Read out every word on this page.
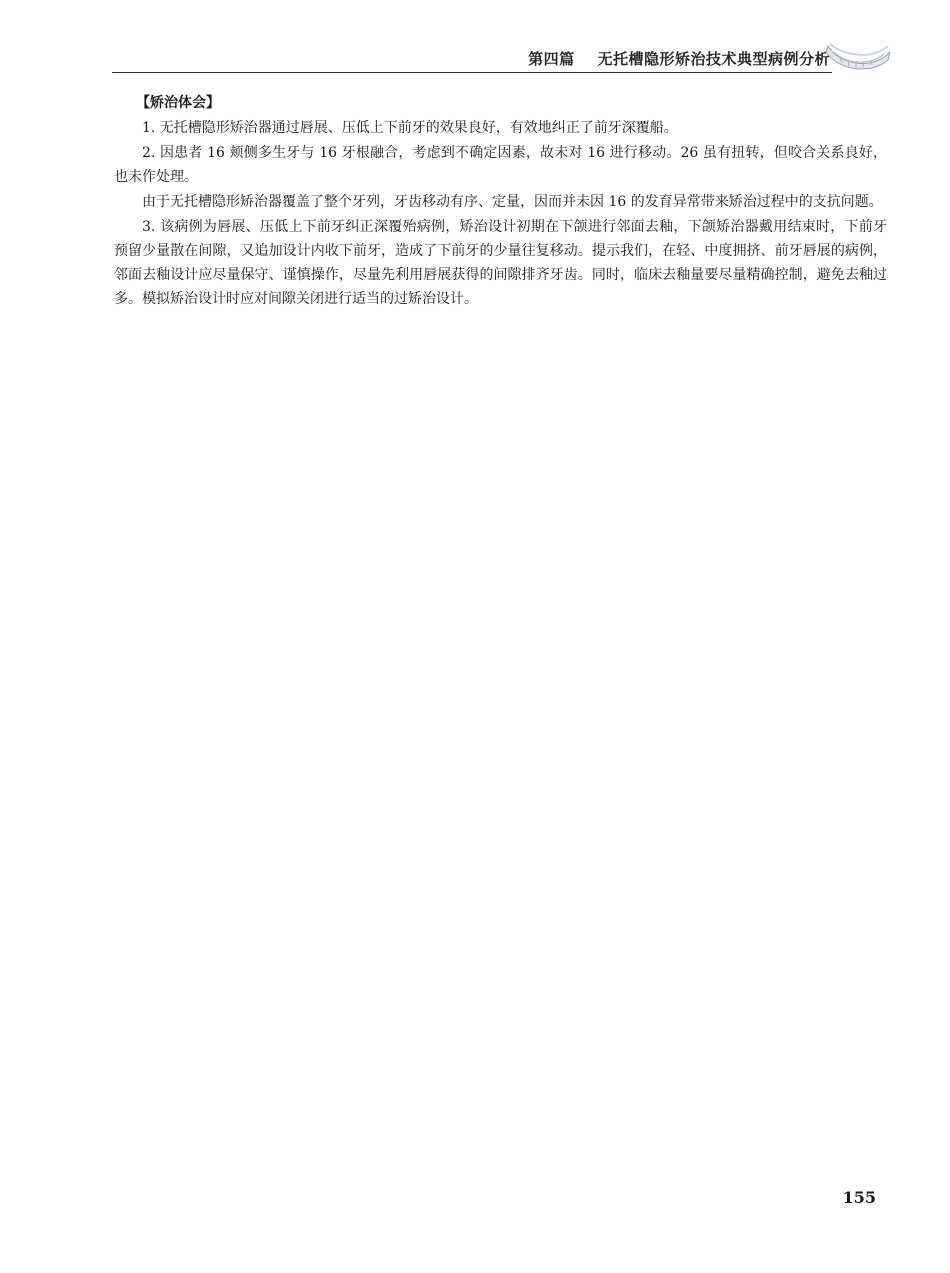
第四篇    无托槽隐形矫治技术典型病例分析
【矫治体会】

1. 无托槽隐形矫治器通过唇展、压低上下前牙的效果良好，有效地纠正了前牙深覆船。

2. 因患者 16 颊侧多生牙与 16 牙根融合，考虑到不确定因素，故未对 16 进行移动。26 虽有扭转，但咬合关系良好，也未作处理。

由于无托槽隐形矫治器覆盖了整个牙列，牙齿移动有序、定量，因而并未因 16 的发育异常带来矫治过程中的支抗问题。

3. 该病例为唇展、压低上下前牙纠正深覆殆病例，矫治设计初期在下颌进行邻面去釉，下颌矫治器戴用结束时，下前牙预留少量散在间隙，又追加设计内收下前牙，造成了下前牙的少量往复移动。提示我们，在轻、中度拥挤、前牙唇展的病例，邻面去釉设计应尽量保守、谨慎操作，尽量先利用唇展获得的间隙排齐牙齿。同时，临床去釉量要尽量精确控制，避免去釉过多。模拟矫治设计时应对间隙关闭进行适当的过矫治设计。

155
